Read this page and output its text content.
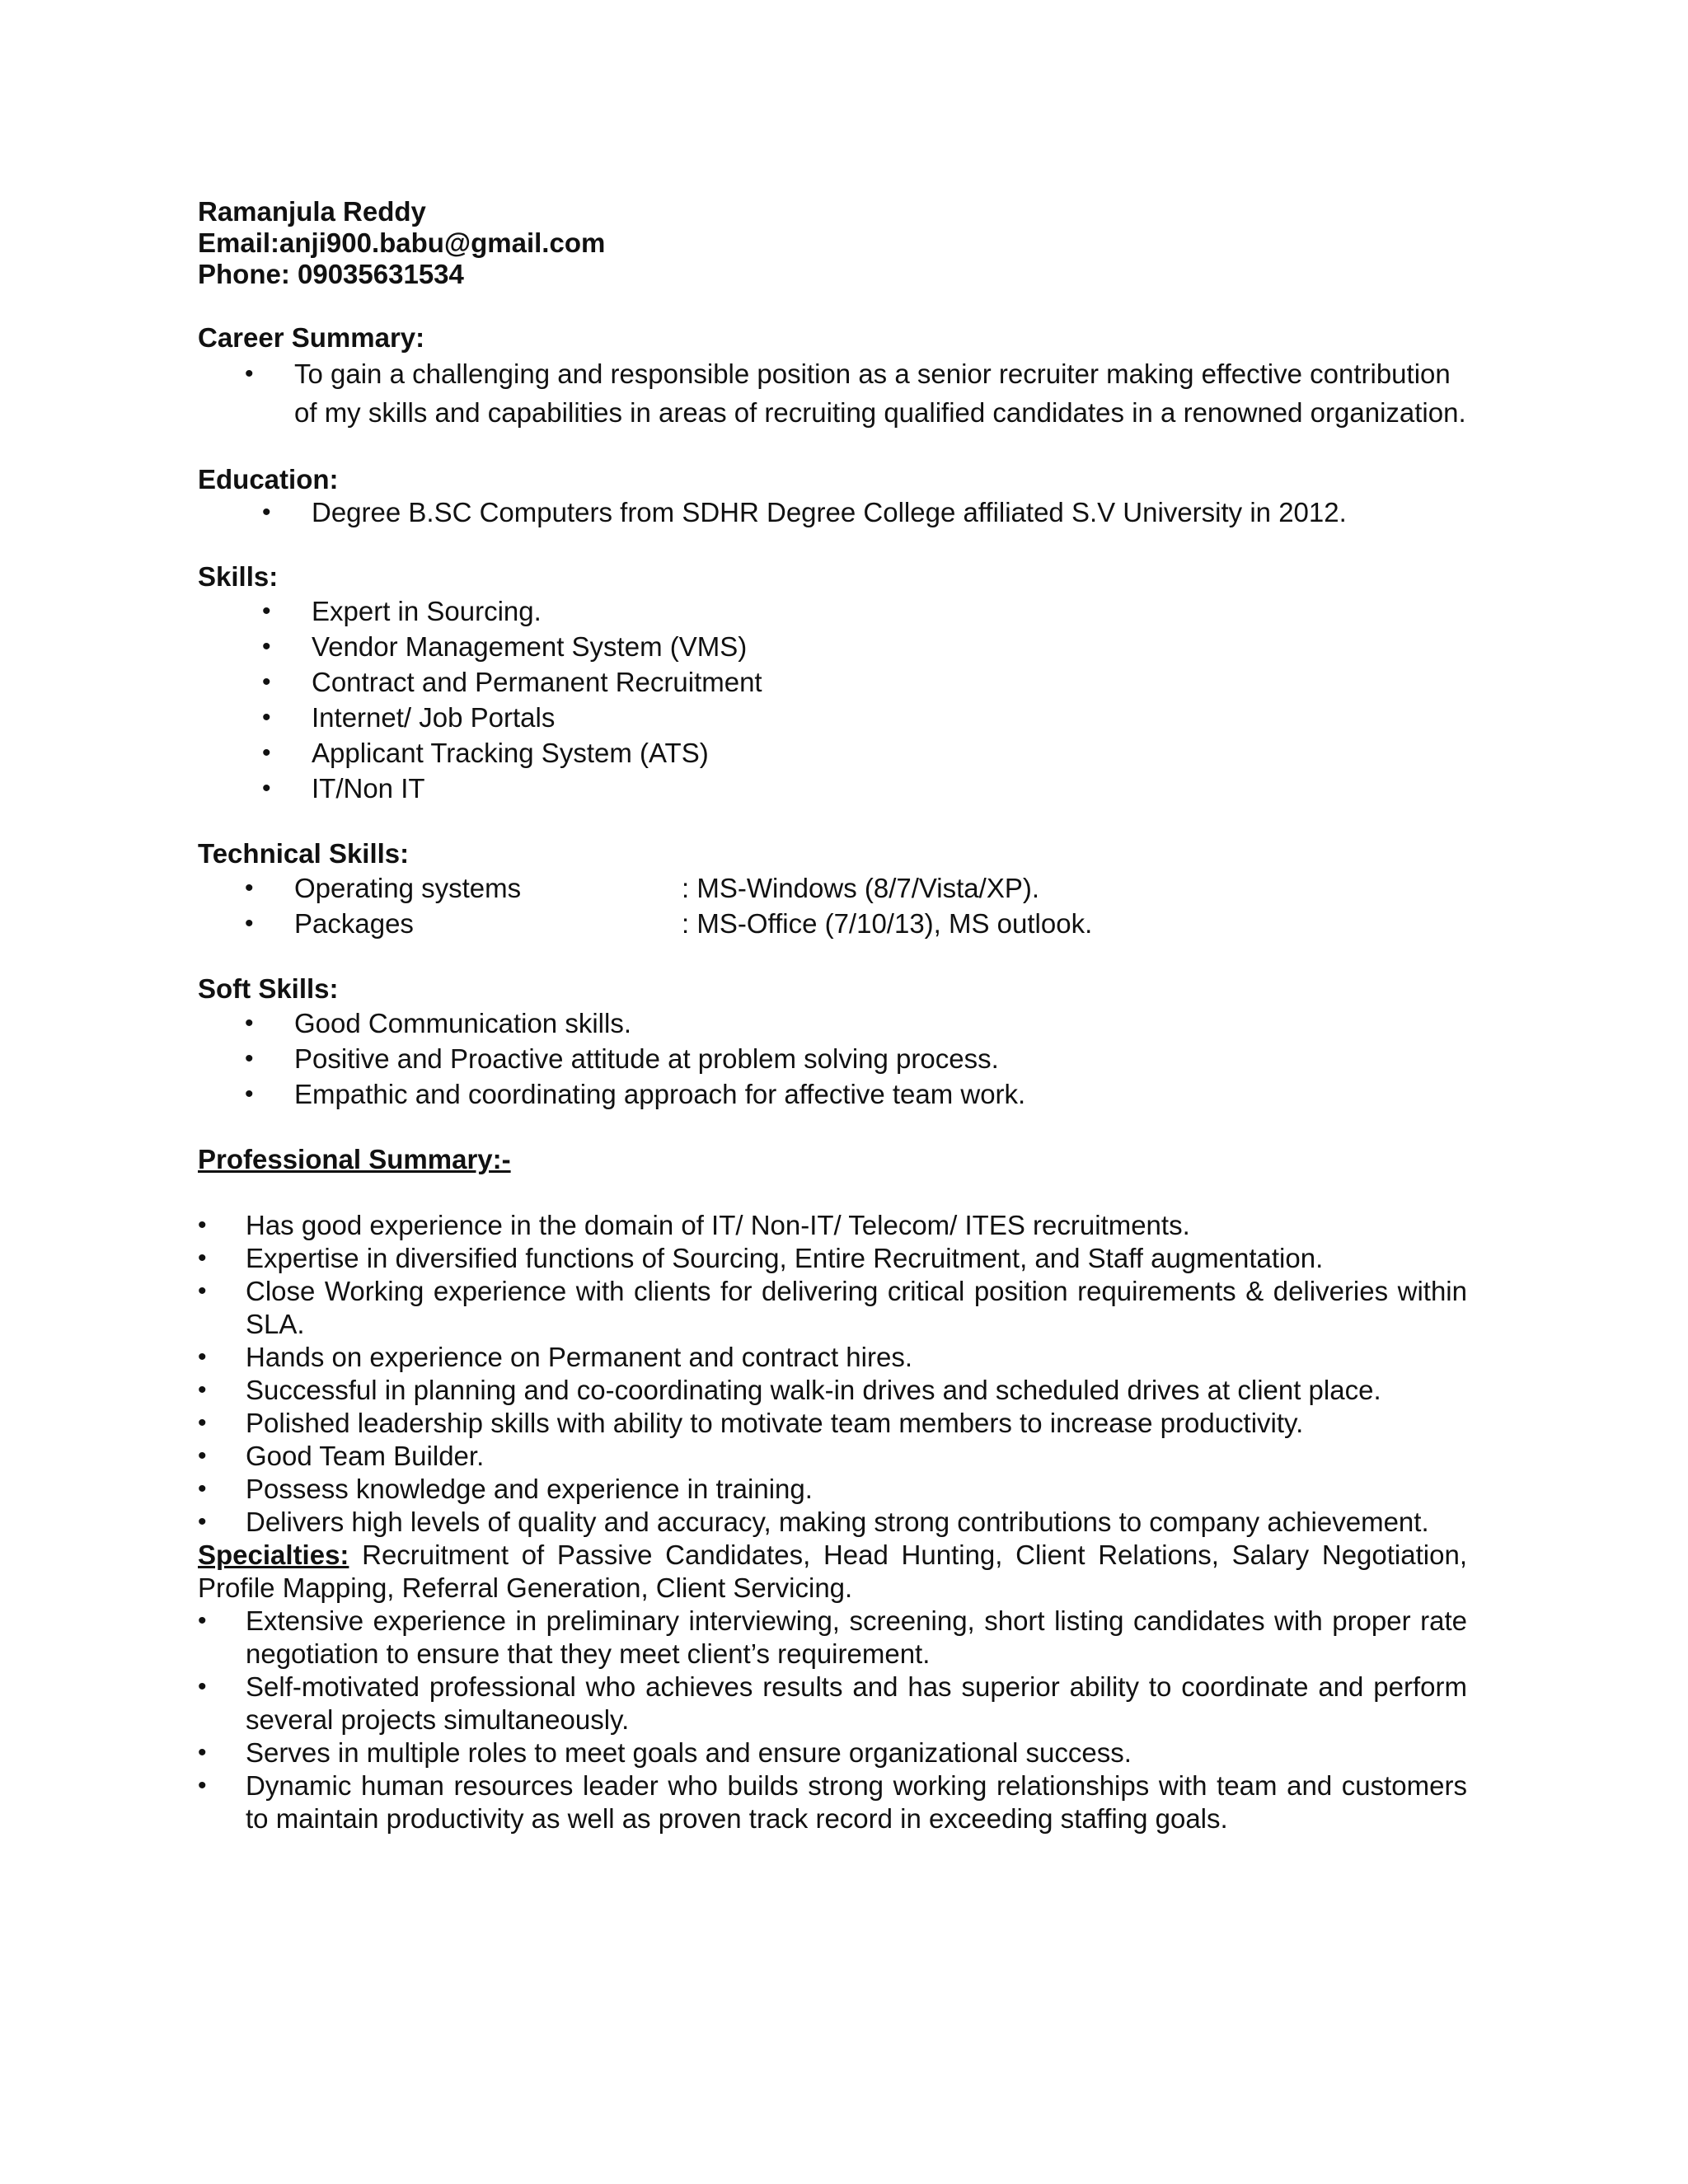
Ramanjula Reddy
Email:anji900.babu@gmail.com
Phone: 09035631534
Career Summary:
• To gain a challenging and responsible position as a senior recruiter making effective contribution of my skills and capabilities in areas of recruiting qualified candidates in a renowned organization.
Education:
• Degree B.SC Computers from SDHR Degree College affiliated S.V University in 2012.
Skills:
• Expert in Sourcing.
• Vendor Management System (VMS)
• Contract and Permanent Recruitment
• Internet/ Job Portals
• Applicant Tracking System (ATS)
• IT/Non IT
Technical Skills:
• Operating systems	: MS-Windows (8/7/Vista/XP).
• Packages	: MS-Office (7/10/13), MS outlook.
Soft Skills:
• Good Communication skills.
• Positive and Proactive attitude at problem solving process.
• Empathic and coordinating approach for affective team work.
Professional Summary:-
• Has good experience in the domain of IT/ Non-IT/ Telecom/ ITES recruitments.
• Expertise in diversified functions of Sourcing, Entire Recruitment, and Staff augmentation.
• Close Working experience with clients for delivering critical position requirements & deliveries within SLA.
• Hands on experience on Permanent and contract hires.
• Successful in planning and co-coordinating walk-in drives and scheduled drives at client place.
• Polished leadership skills with ability to motivate team members to increase productivity.
• Good Team Builder.
• Possess knowledge and experience in training.
• Delivers high levels of quality and accuracy, making strong contributions to company achievement.
Specialties: Recruitment of Passive Candidates, Head Hunting, Client Relations, Salary Negotiation, Profile Mapping, Referral Generation, Client Servicing.
• Extensive experience in preliminary interviewing, screening, short listing candidates with proper rate negotiation to ensure that they meet client’s requirement.
• Self-motivated professional who achieves results and has superior ability to coordinate and perform several projects simultaneously.
• Serves in multiple roles to meet goals and ensure organizational success.
• Dynamic human resources leader who builds strong working relationships with team and customers to maintain productivity as well as proven track record in exceeding staffing goals.
